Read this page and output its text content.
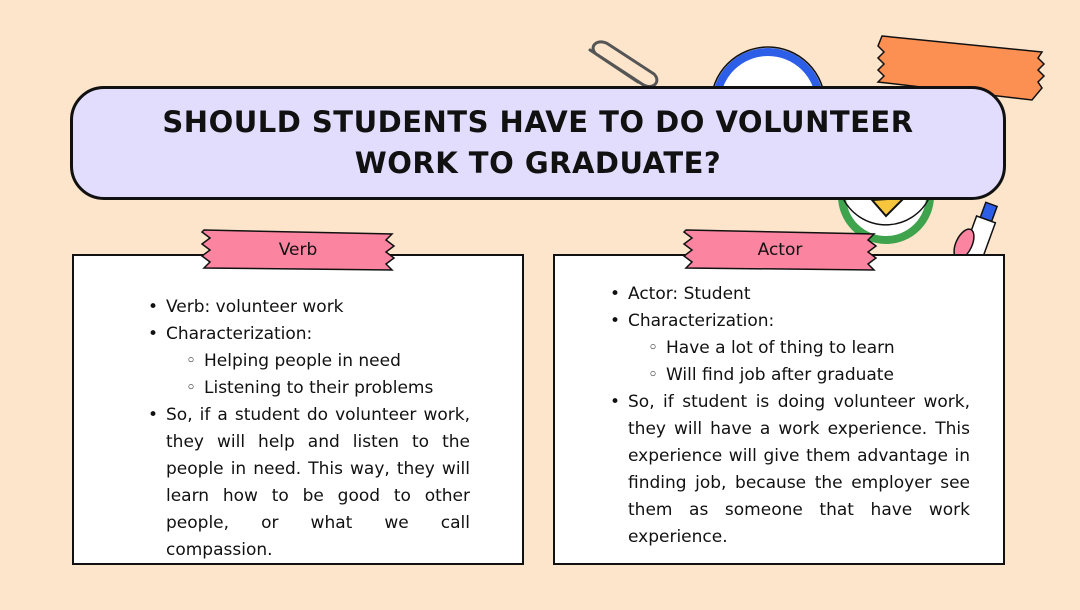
SHOULD STUDENTS HAVE TO DO VOLUNTEER WORK TO GRADUATE?
Verb
• Verb: volunteer work
• Characterization:
◦ Helping people in need
◦ Listening to their problems
• So, if a student do volunteer work, they will help and listen to the people in need. This way, they will learn how to be good to other people, or what we call compassion.
Actor
• Actor: Student
• Characterization:
◦ Have a lot of thing to learn
◦ Will find job after graduate
• So, if student is doing volunteer work, they will have a work experience. This experience will give them advantage in finding job, because the employer see them as someone that have work experience.
